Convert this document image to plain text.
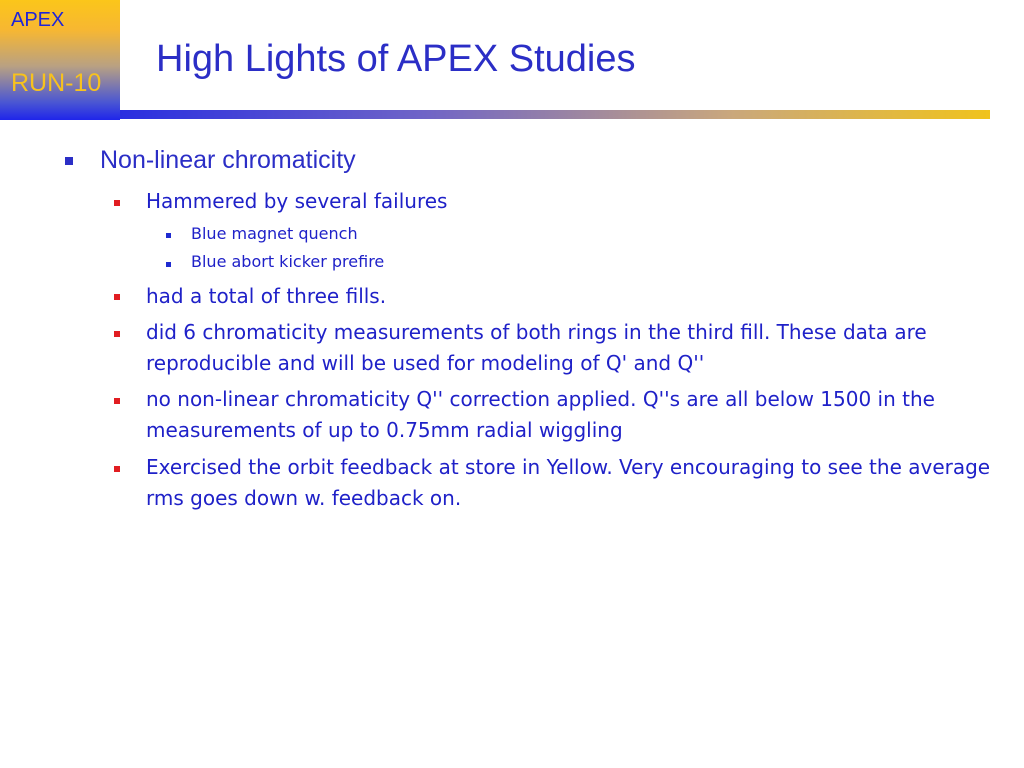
APEX
RUN-10
High Lights of APEX Studies
Non-linear chromaticity
Hammered by several failures
Blue magnet quench
Blue abort kicker prefire
had a total of three fills.
did 6 chromaticity measurements of both rings in the third fill. These data are reproducible and will be used for modeling of Q' and Q''
no non-linear chromaticity Q'' correction applied. Q''s are all below 1500 in the measurements of up to 0.75mm radial wiggling
Exercised the orbit feedback at store in Yellow. Very encouraging to see the average rms goes down w. feedback on.
